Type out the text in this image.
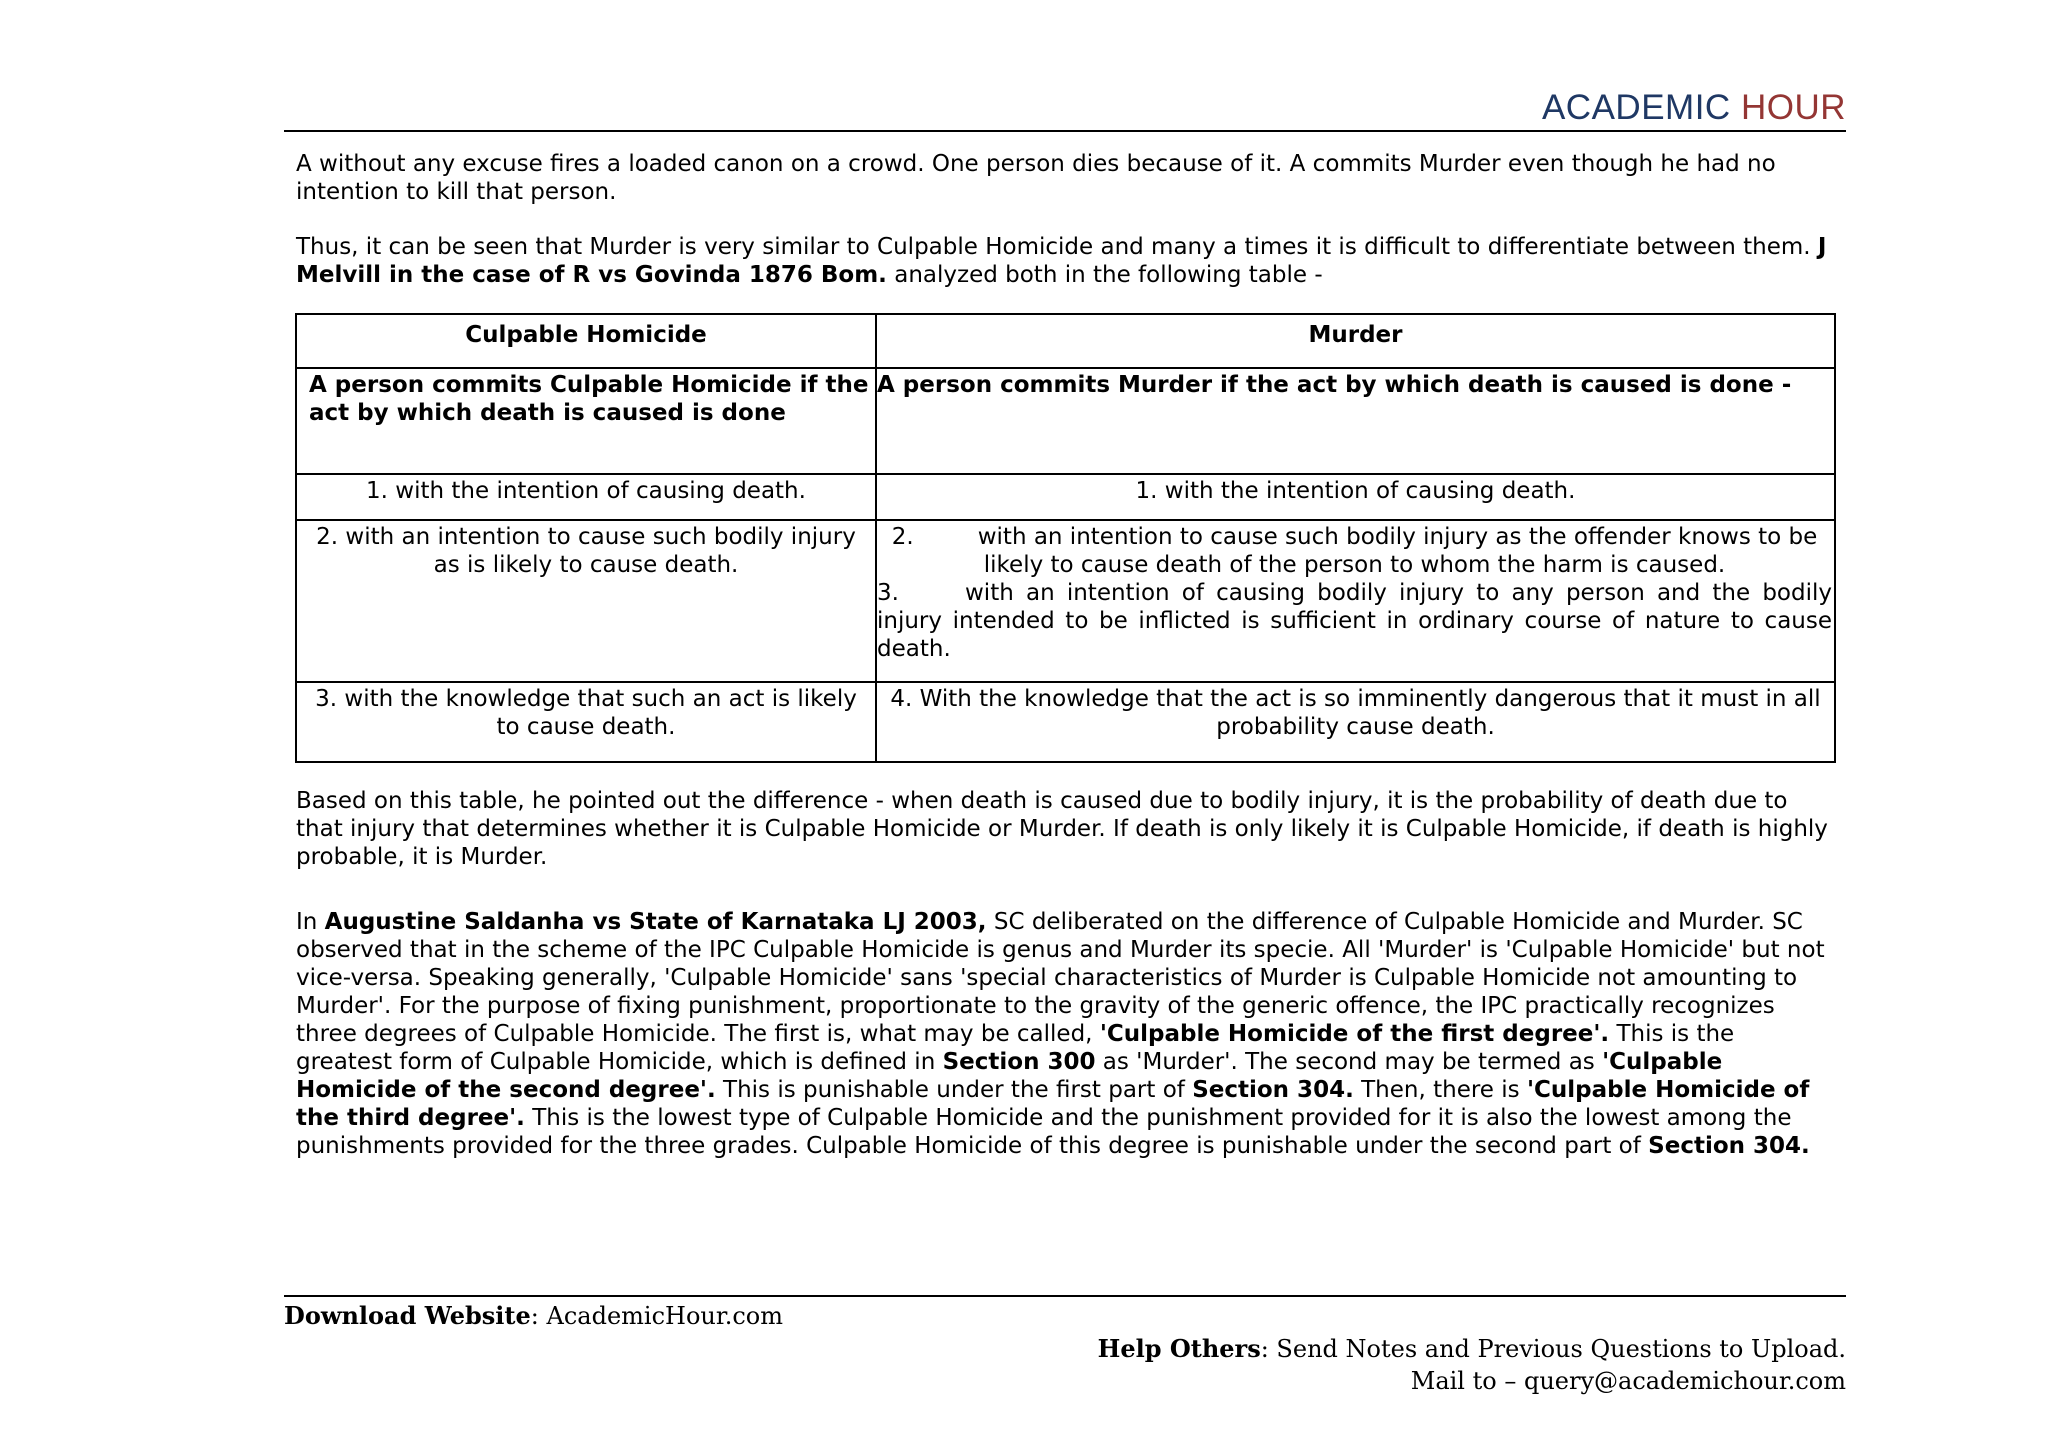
ACADEMIC HOUR
A without any excuse fires a loaded canon on a crowd. One person dies because of it. A commits Murder even though he had no intention to kill that person.
Thus, it can be seen that Murder is very similar to Culpable Homicide and many a times it is difficult to differentiate between them. J Melvill in the case of R vs Govinda 1876 Bom. analyzed both in the following table -
Culpable Homicide	Murder
A person commits Culpable Homicide if the act by which death is caused is done	A person commits Murder if the act by which death is caused is done -
1. with the intention of causing death.	1. with the intention of causing death.
2. with an intention to cause such bodily injury as is likely to cause death.	2. with an intention to cause such bodily injury as the offender knows to be likely to cause death of the person to whom the harm is caused.
3. with an intention of causing bodily injury to any person and the bodily injury intended to be inflicted is sufficient in ordinary course of nature to cause death.

3. with the knowledge that such an act is likely to cause death.	4. With the knowledge that the act is so imminently dangerous that it must in all probability cause death.
Based on this table, he pointed out the difference - when death is caused due to bodily injury, it is the probability of death due to that injury that determines whether it is Culpable Homicide or Murder. If death is only likely it is Culpable Homicide, if death is highly probable, it is Murder.
In Augustine Saldanha vs State of Karnataka LJ 2003, SC deliberated on the difference of Culpable Homicide and Murder. SC observed that in the scheme of the IPC Culpable Homicide is genus and Murder its specie. All 'Murder' is 'Culpable Homicide' but not vice-versa. Speaking generally, 'Culpable Homicide' sans 'special characteristics of Murder is Culpable Homicide not amounting to Murder'. For the purpose of fixing punishment, proportionate to the gravity of the generic offence, the IPC practically recognizes three degrees of Culpable Homicide. The first is, what may be called, 'Culpable Homicide of the first degree'. This is the greatest form of Culpable Homicide, which is defined in Section 300 as 'Murder'. The second may be termed as 'Culpable Homicide of the second degree'. This is punishable under the first part of Section 304. Then, there is 'Culpable Homicide of the third degree'. This is the lowest type of Culpable Homicide and the punishment provided for it is also the lowest among the punishments provided for the three grades. Culpable Homicide of this degree is punishable under the second part of Section 304.
Download Website: AcademicHour.com
Help Others: Send Notes and Previous Questions to Upload.
Mail to – query@academichour.com
